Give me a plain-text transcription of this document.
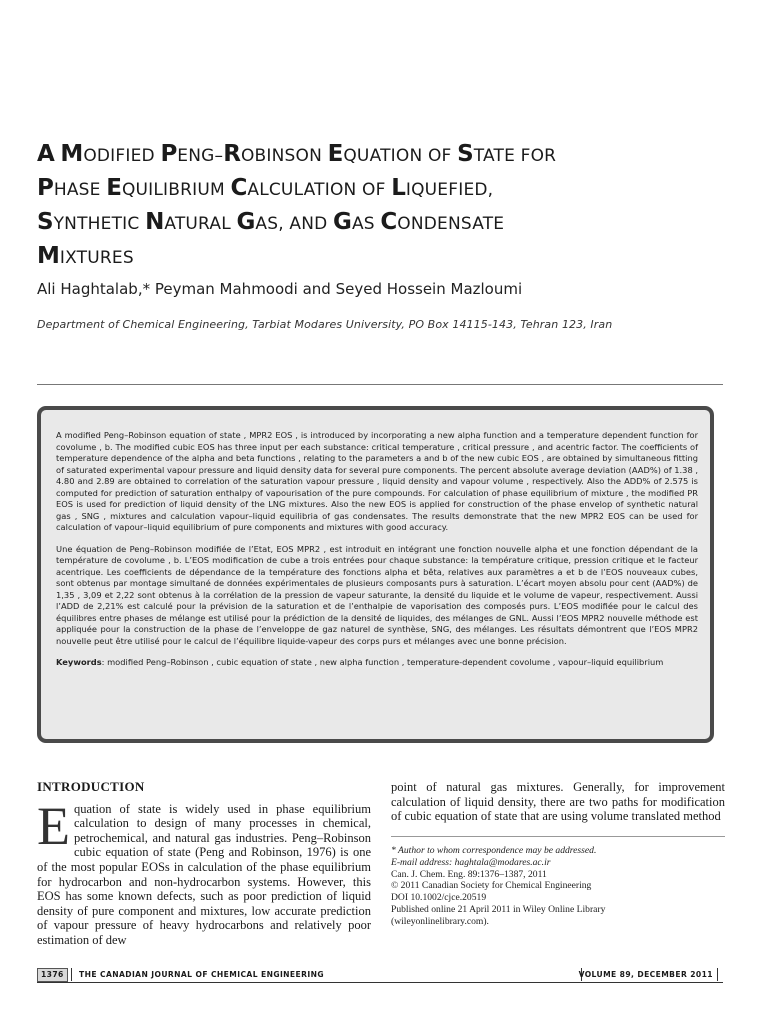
A MODIFIED PENG–ROBINSON EQUATION OF STATE FOR
PHASE EQUILIBRIUM CALCULATION OF LIQUEFIED,
SYNTHETIC NATURAL GAS, AND GAS CONDENSATE
MIXTURES
Ali Haghtalab,* Peyman Mahmoodi and Seyed Hossein Mazloumi
Department of Chemical Engineering, Tarbiat Modares University, PO Box 14115-143, Tehran 123, Iran

A modified Peng–Robinson equation of state , MPR2 EOS , is introduced by incorporating a new alpha function and a temperature dependent function for covolume , b. The modified cubic EOS has three input per each substance: critical temperature , critical pressure , and acentric factor. The coefficients of temperature dependence of the alpha and beta functions , relating to the parameters a and b of the new cubic EOS , are obtained by simultaneous fitting of saturated experimental vapour pressure and liquid density data for several pure components. The percent absolute average deviation (AAD%) of 1.38 , 4.80 and 2.89 are obtained to correlation of the saturation vapour pressure , liquid density and vapour volume , respectively. Also the ADD% of 2.575 is computed for prediction of saturation enthalpy of vapourisation of the pure compounds. For calculation of phase equilibrium of mixture , the modified PR EOS is used for prediction of liquid density of the LNG mixtures. Also the new EOS is applied for construction of the phase envelop of synthetic natural gas , SNG , mixtures and calculation vapour–liquid equilibria of gas condensates. The results demonstrate that the new MPR2 EOS can be used for calculation of vapour–liquid equilibrium of pure components and mixtures with good accuracy.

Une équation de Peng–Robinson modifiée de l’Etat, EOS MPR2 , est introduit en intégrant une fonction nouvelle alpha et une fonction dépendant de la température de covolume , b. L’EOS modification de cube a trois entrées pour chaque substance: la température critique, pression critique et le facteur acentrique. Les coefficients de dépendance de la température des fonctions alpha et bêta, relatives aux paramètres a et b de l’EOS nouveaux cubes, sont obtenus par montage simultané de données expérimentales de plusieurs composants purs à saturation. L’écart moyen absolu pour cent (AAD%) de 1,35 , 3,09 et 2,22 sont obtenus à la corrélation de la pression de vapeur saturante, la densité du liquide et le volume de vapeur, respectivement. Aussi l’ADD de 2,21% est calculé pour la prévision de la saturation et de l’enthalpie de vaporisation des composés purs. L’EOS modifiée pour le calcul des équilibres entre phases de mélange est utilisé pour la prédiction de la densité de liquides, des mélanges de GNL. Aussi l’EOS MPR2 nouvelle méthode est appliquée pour la construction de la phase de l’enveloppe de gaz naturel de synthèse, SNG, des mélanges. Les résultats démontrent que l’EOS MPR2 nouvelle peut être utilisé pour le calcul de l’équilibre liquide-vapeur des corps purs et mélanges avec une bonne précision.

Keywords: modified Peng–Robinson , cubic equation of state , new alpha function , temperature-dependent covolume , vapour–liquid equilibrium

INTRODUCTION

Equation of state is widely used in phase equilibrium calculation to design of many processes in chemical, petrochemical, and natural gas industries. Peng–Robinson cubic equation of state (Peng and Robinson, 1976) is one of the most popular EOSs in calculation of the phase equilibrium for hydrocarbon and non-hydrocarbon systems. However, this EOS has some known defects, such as poor prediction of liquid density of pure component and mixtures, low accurate prediction of vapour pressure of heavy hydrocarbons and relatively poor estimation of dew

point of natural gas mixtures. Generally, for improvement calculation of liquid density, there are two paths for modification of cubic equation of state that are using volume translated method

* Author to whom correspondence may be addressed.
E-mail address: haghtala@modares.ac.ir
Can. J. Chem. Eng. 89:1376–1387, 2011
© 2011 Canadian Society for Chemical Engineering
DOI 10.1002/cjce.20519
Published online 21 April 2011 in Wiley Online Library
(wileyonlinelibrary.com).
1376	THE CANADIAN JOURNAL OF CHEMICAL ENGINEERING	VOLUME 89, DECEMBER 2011
